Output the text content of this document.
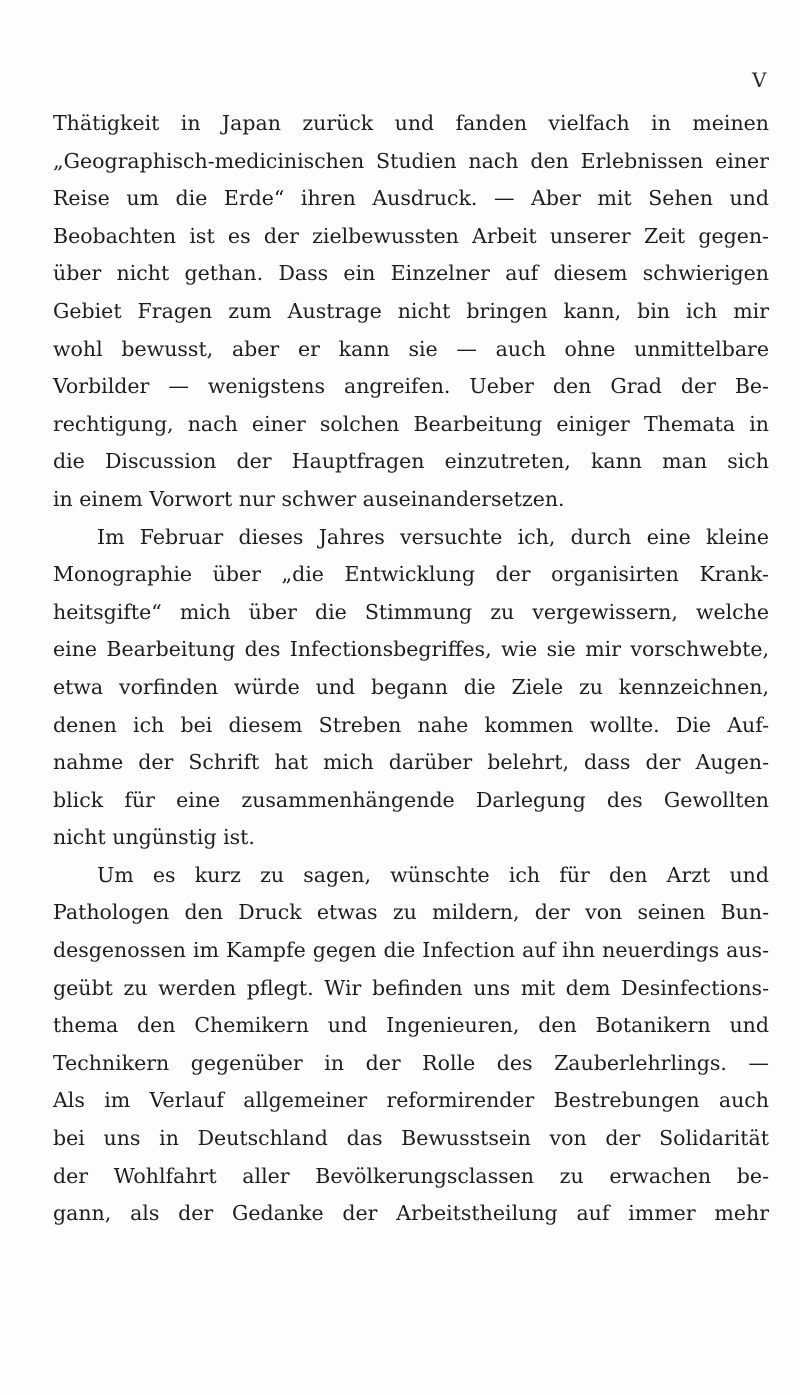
V
Thätigkeit in Japan zurück und fanden vielfach in meinen
„Geographisch-medicinischen Studien nach den Erlebnissen einer
Reise um die Erde“ ihren Ausdruck. — Aber mit Sehen und
Beobachten ist es der zielbewussten Arbeit unserer Zeit gegen-
über nicht gethan. Dass ein Einzelner auf diesem schwierigen
Gebiet Fragen zum Austrage nicht bringen kann, bin ich mir
wohl bewusst, aber er kann sie — auch ohne unmittelbare
Vorbilder — wenigstens angreifen. Ueber den Grad der Be-
rechtigung, nach einer solchen Bearbeitung einiger Themata in
die Discussion der Hauptfragen einzutreten, kann man sich
in einem Vorwort nur schwer auseinandersetzen.
Im Februar dieses Jahres versuchte ich, durch eine kleine
Monographie über „die Entwicklung der organisirten Krank-
heitsgifte“ mich über die Stimmung zu vergewissern, welche
eine Bearbeitung des Infectionsbegriffes, wie sie mir vorschwebte,
etwa vorfinden würde und begann die Ziele zu kennzeichnen,
denen ich bei diesem Streben nahe kommen wollte. Die Auf-
nahme der Schrift hat mich darüber belehrt, dass der Augen-
blick für eine zusammenhängende Darlegung des Gewollten
nicht ungünstig ist.
Um es kurz zu sagen, wünschte ich für den Arzt und
Pathologen den Druck etwas zu mildern, der von seinen Bun-
desgenossen im Kampfe gegen die Infection auf ihn neuerdings aus-
geübt zu werden pflegt. Wir befinden uns mit dem Desinfections-
thema den Chemikern und Ingenieuren, den Botanikern und
Technikern gegenüber in der Rolle des Zauberlehrlings. —
Als im Verlauf allgemeiner reformirender Bestrebungen auch
bei uns in Deutschland das Bewusstsein von der Solidarität
der Wohlfahrt aller Bevölkerungsclassen zu erwachen be-
gann, als der Gedanke der Arbeitstheilung auf immer mehr
